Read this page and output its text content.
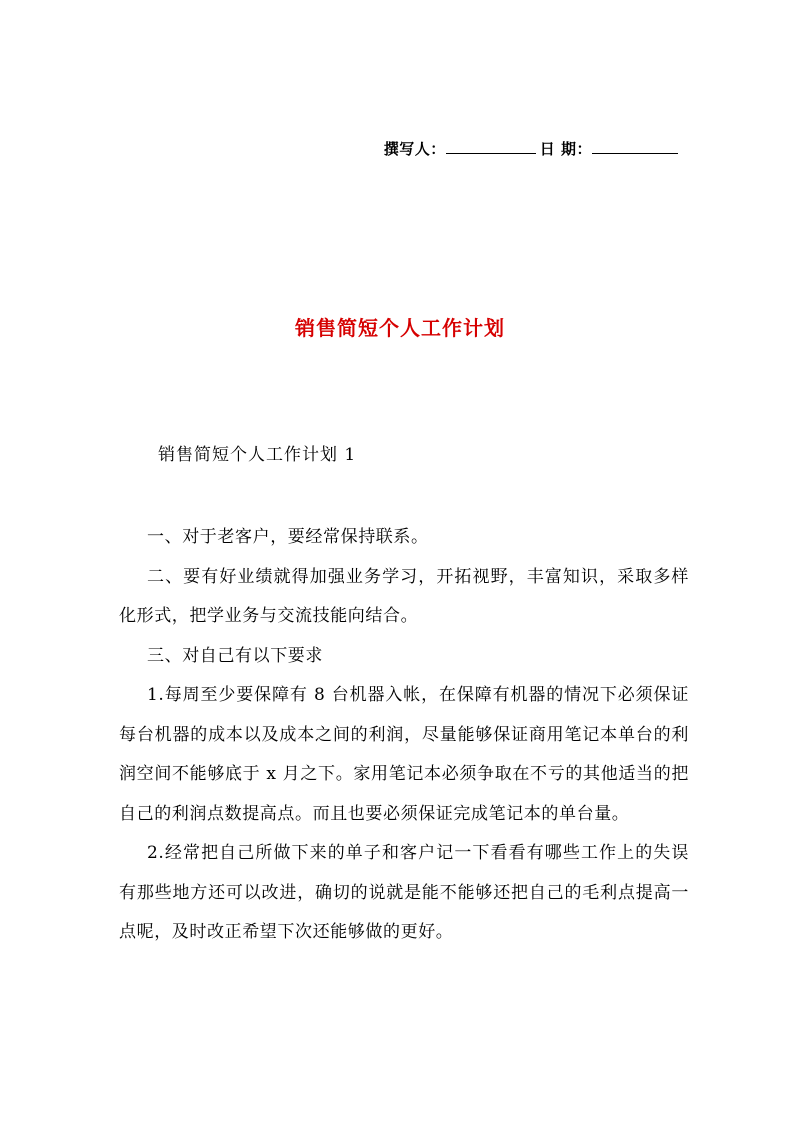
撰写人：	日 期：
销售简短个人工作计划
销售简短个人工作计划 1

一、对于老客户，要经常保持联系。

二、要有好业绩就得加强业务学习，开拓视野，丰富知识，采取多样化形式，把学业务与交流技能向结合。

三、对自己有以下要求

1.每周至少要保障有 8 台机器入帐，在保障有机器的情况下必须保证每台机器的成本以及成本之间的利润，尽量能够保证商用笔记本单台的利润空间不能够底于 x 月之下。家用笔记本必须争取在不亏的其他适当的把自己的利润点数提高点。而且也要必须保证完成笔记本的单台量。

2.经常把自己所做下来的单子和客户记一下看看有哪些工作上的失误有那些地方还可以改进，确切的说就是能不能够还把自己的毛利点提高一点呢，及时改正希望下次还能够做的更好。
